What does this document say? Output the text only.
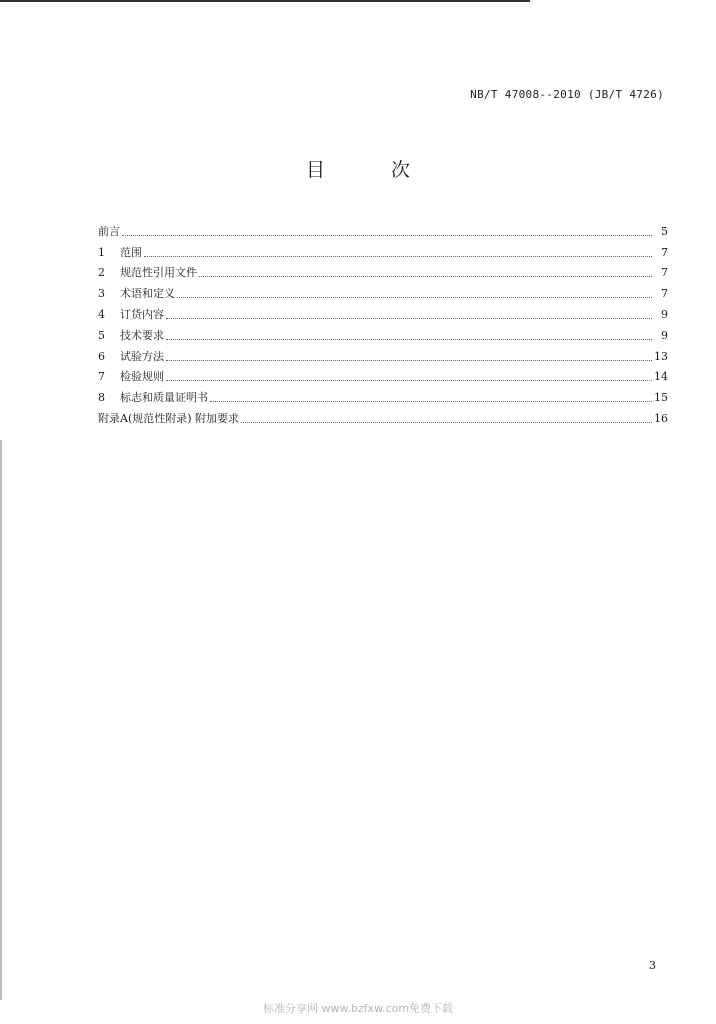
NB/T 47008--2010 (JB/T 4726)
目 次
前言	5
1	范围	7
2	规范性引用文件	7
3	术语和定义	7
4	订货内容	9
5	技术要求	9
6	试验方法	13
7	检验规则	14
8	标志和质量证明书	15
附录A(规范性附录) 附加要求	16
3
标准分享网 www.bzfxw.com免费下载
